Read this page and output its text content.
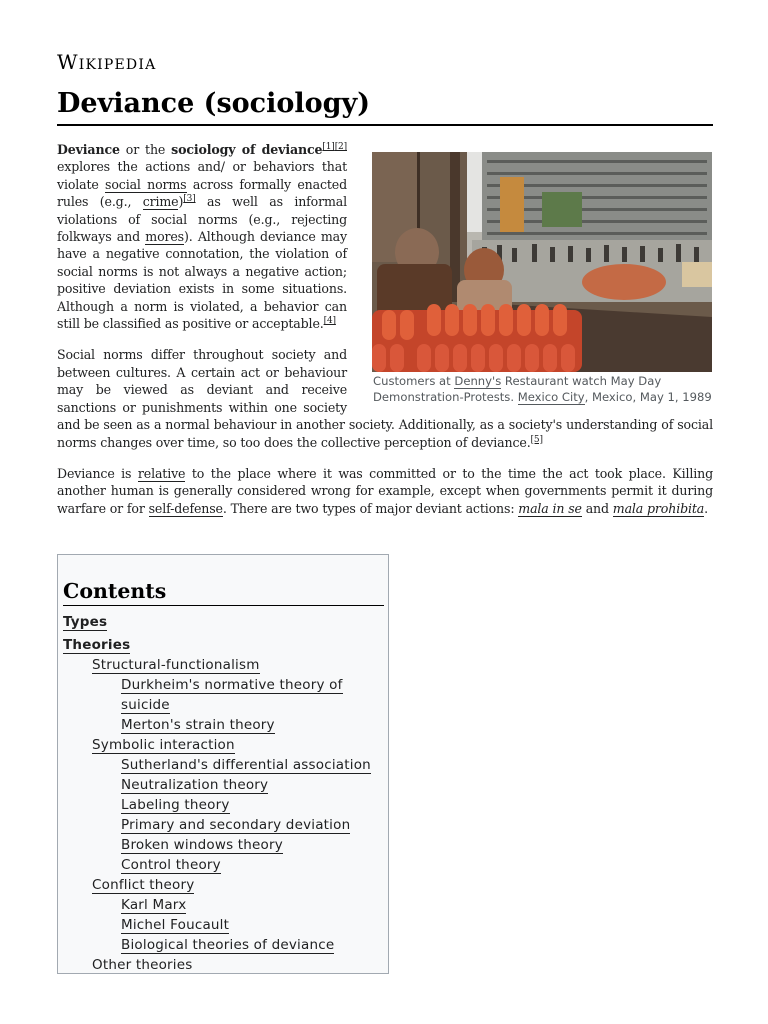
Wikipedia
Deviance (sociology)
Customers at Denny's Restaurant watch May Day Demonstration-Protests. Mexico City, Mexico, May 1, 1989

Deviance or the sociology of deviance[1][2] explores the actions and/ or behaviors that violate social norms across formally enacted rules (e.g., crime)[3] as well as informal violations of social norms (e.g., rejecting folkways and mores). Although deviance may have a negative connotation, the violation of social norms is not always a negative action; positive deviation exists in some situations. Although a norm is violated, a behavior can still be classified as positive or acceptable.[4]

Social norms differ throughout society and between cultures. A certain act or behaviour may be viewed as deviant and receive sanctions or punishments within one society and be seen as a normal behaviour in another society. Additionally, as a society's understanding of social norms changes over time, so too does the collective perception of deviance.[5]

Deviance is relative to the place where it was committed or to the time the act took place. Killing another human is generally considered wrong for example, except when governments permit it during warfare or for self-defense. There are two types of major deviant actions: mala in se and mala prohibita.

Contents
Types
Theories
Structural-functionalism
Durkheim's normative theory of suicide
Merton's strain theory
Symbolic interaction
Sutherland's differential association
Neutralization theory
Labeling theory
Primary and secondary deviation
Broken windows theory
Control theory
Conflict theory
Karl Marx
Michel Foucault
Biological theories of deviance
Other theories
